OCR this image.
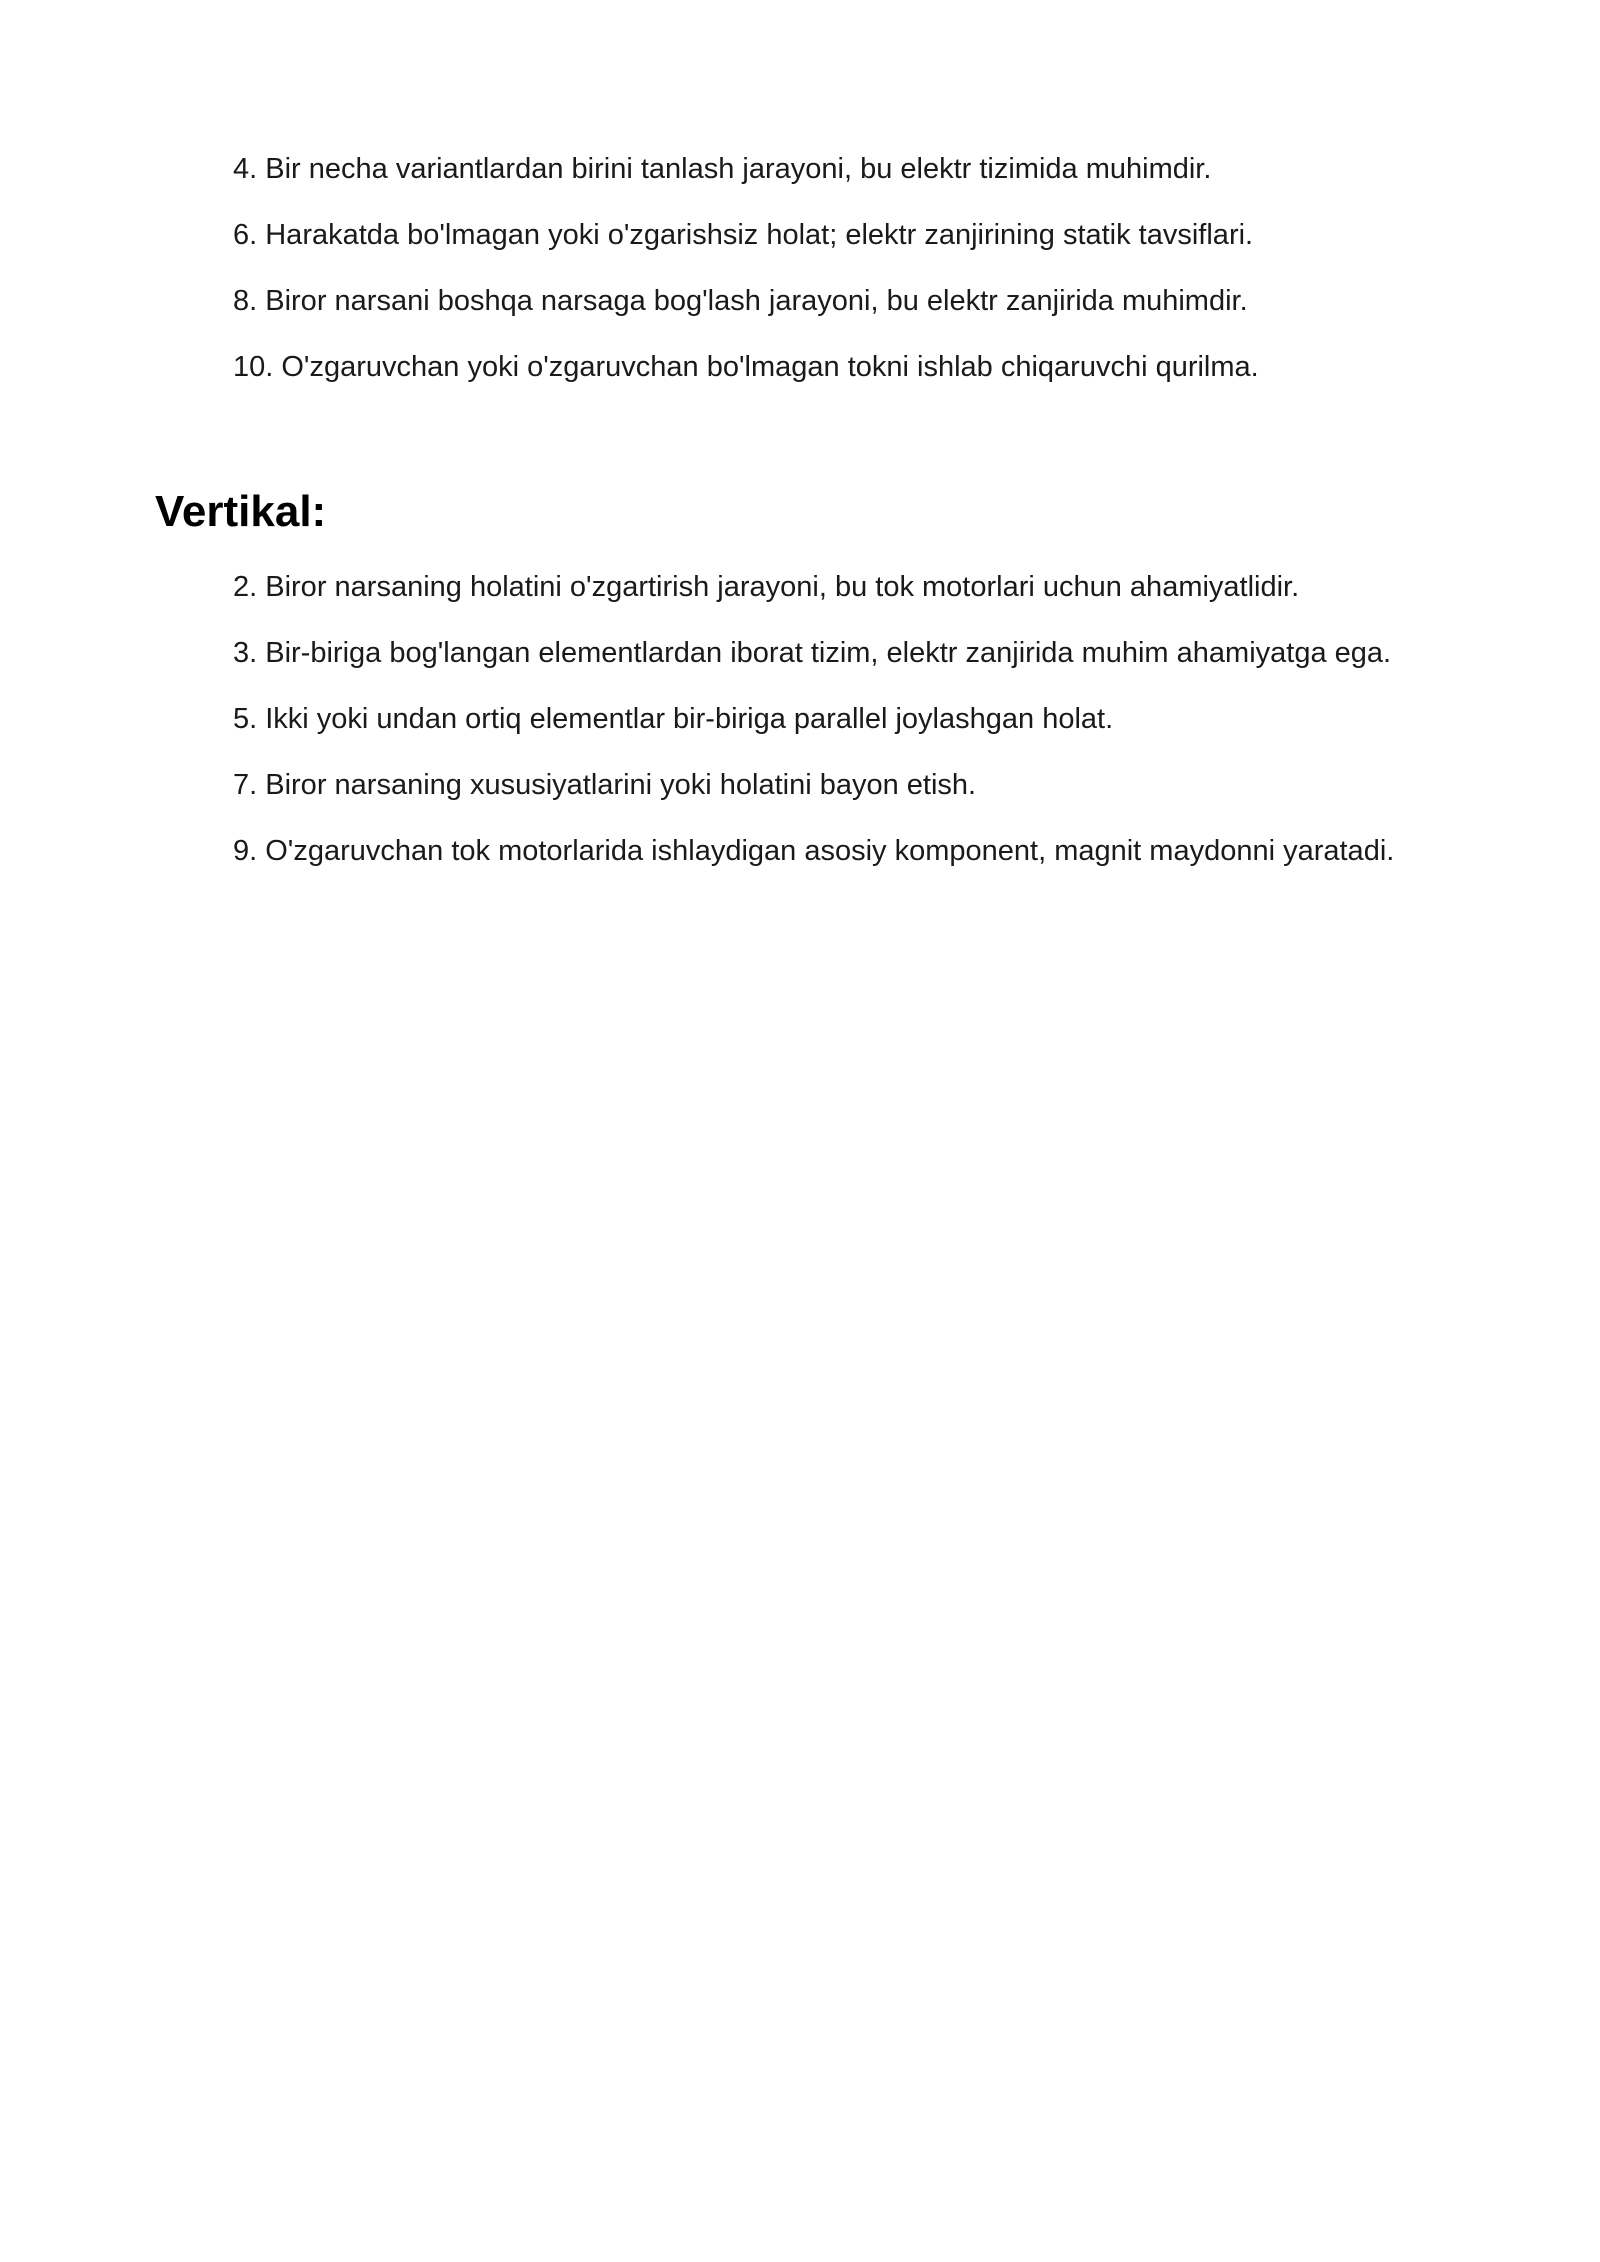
4. Bir necha variantlardan birini tanlash jarayoni, bu elektr tizimida muhimdir.
6. Harakatda bo'lmagan yoki o'zgarishsiz holat; elektr zanjirining statik tavsiflari.
8. Biror narsani boshqa narsaga bog'lash jarayoni, bu elektr zanjirida muhimdir.
10. O'zgaruvchan yoki o'zgaruvchan bo'lmagan tokni ishlab chiqaruvchi qurilma.
Vertikal:
2. Biror narsaning holatini o'zgartirish jarayoni, bu tok motorlari uchun ahamiyatlidir.
3. Bir-biriga bog'langan elementlardan iborat tizim, elektr zanjirida muhim ahamiyatga ega.
5. Ikki yoki undan ortiq elementlar bir-biriga parallel joylashgan holat.
7. Biror narsaning xususiyatlarini yoki holatini bayon etish.
9. O'zgaruvchan tok motorlarida ishlaydigan asosiy komponent, magnit maydonni yaratadi.
